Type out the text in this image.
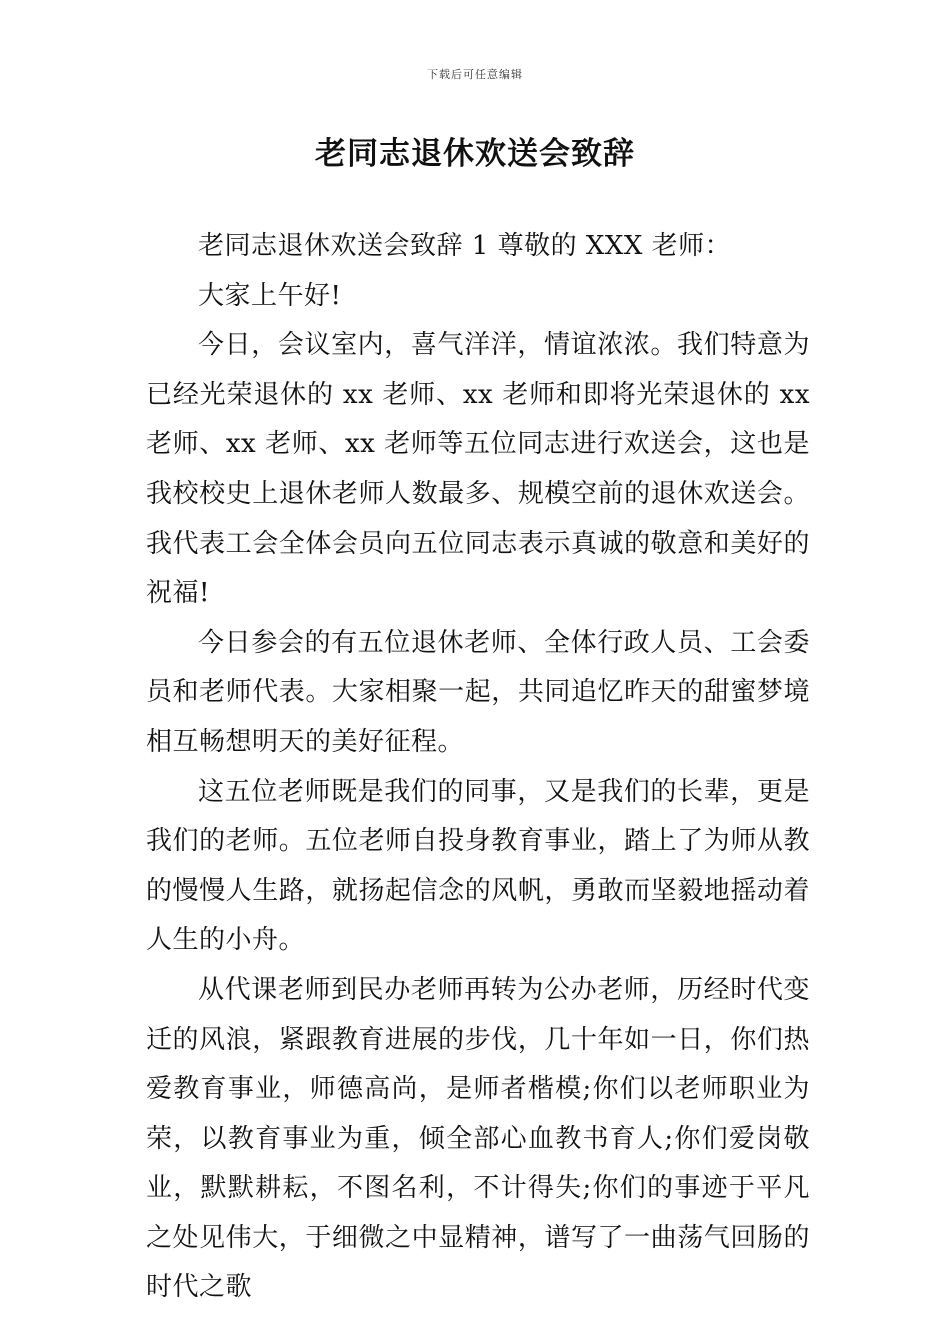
下载后可任意编辑
老同志退休欢送会致辞

老同志退休欢送会致辞 1 尊敬的 XXX 老师：

大家上午好!

今日，会议室内，喜气洋洋，情谊浓浓。我们特意为已经光荣退休的 xx 老师、xx 老师和即将光荣退休的 xx 老师、xx 老师、xx 老师等五位同志进行欢送会，这也是我校校史上退休老师人数最多、规模空前的退休欢送会。我代表工会全体会员向五位同志表示真诚的敬意和美好的祝福!

今日参会的有五位退休老师、全体行政人员、工会委员和老师代表。大家相聚一起，共同追忆昨天的甜蜜梦境相互畅想明天的美好征程。

这五位老师既是我们的同事，又是我们的长辈，更是我们的老师。五位老师自投身教育事业，踏上了为师从教的慢慢人生路，就扬起信念的风帆，勇敢而坚毅地摇动着人生的小舟。

从代课老师到民办老师再转为公办老师，历经时代变迁的风浪，紧跟教育进展的步伐，几十年如一日，你们热爱教育事业，师德高尚，是师者楷模;你们以老师职业为荣，以教育事业为重，倾全部心血教书育人;你们爱岗敬业，默默耕耘，不图名利，不计得失;你们的事迹于平凡之处见伟大，于细微之中显精神，谱写了一曲荡气回肠的时代之歌
